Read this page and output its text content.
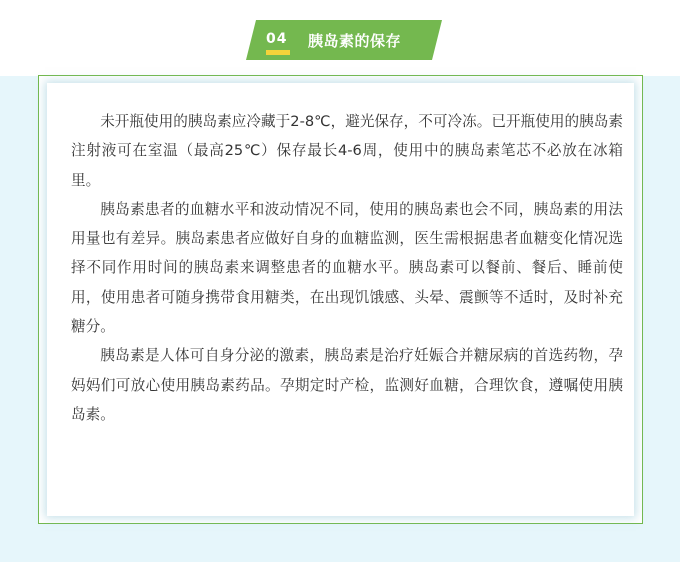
04 胰岛素的保存

未开瓶使用的胰岛素应冷藏于2-8℃，避光保存，不可冷冻。已开瓶使用的胰岛素注射液可在室温（最高25℃）保存最长4-6周，使用中的胰岛素笔芯不必放在冰箱里。

胰岛素患者的血糖水平和波动情况不同，使用的胰岛素也会不同，胰岛素的用法用量也有差异。胰岛素患者应做好自身的血糖监测，医生需根据患者血糖变化情况选择不同作用时间的胰岛素来调整患者的血糖水平。胰岛素可以餐前、餐后、睡前使用，使用患者可随身携带食用糖类，在出现饥饿感、头晕、震颤等不适时，及时补充糖分。

胰岛素是人体可自身分泌的激素，胰岛素是治疗妊娠合并糖尿病的首选药物，孕妈妈们可放心使用胰岛素药品。孕期定时产检，监测好血糖，合理饮食，遵嘱使用胰岛素。
